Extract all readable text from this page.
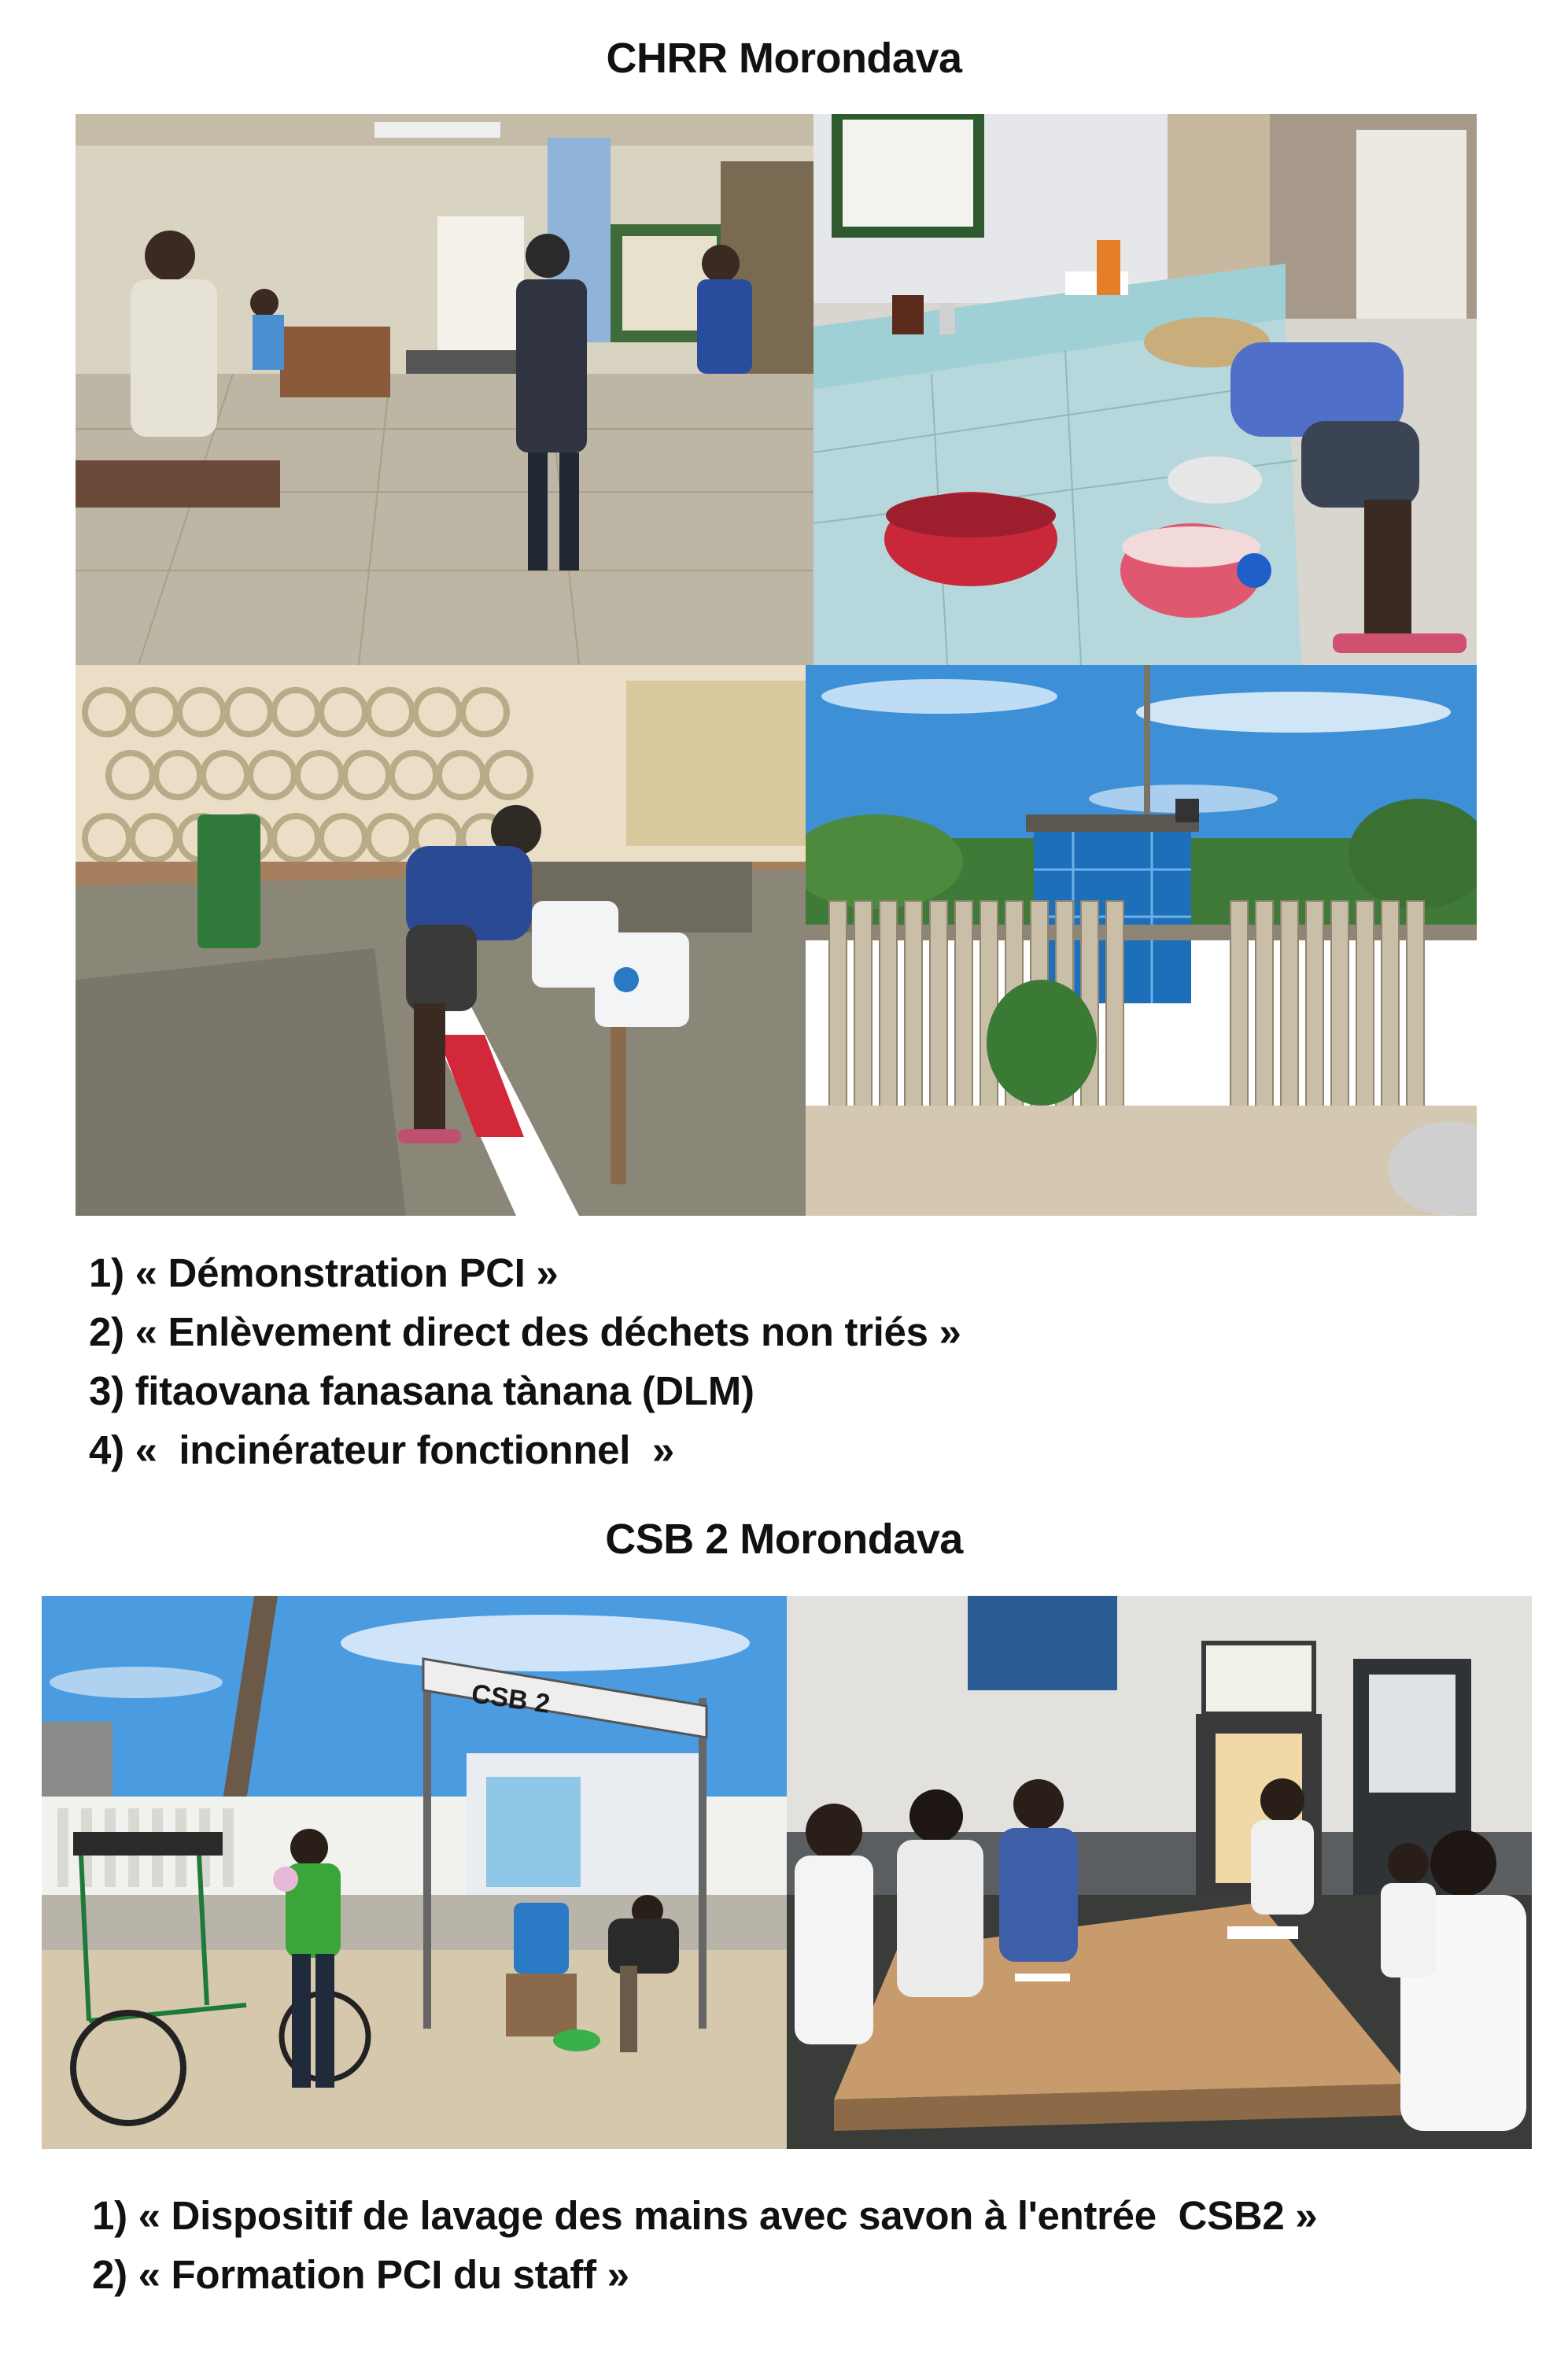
CHRR Morondava
1) « Démonstration PCI »
2) « Enlèvement direct des déchets non triés »
3) fitaovana fanasana tànana (DLM)
4) «  incinérateur fonctionnel  »
CSB 2 Morondava
CSB 2
1) « Dispositif de lavage des mains avec savon à l'entrée  CSB2 »
2) « Formation PCI du staff »
